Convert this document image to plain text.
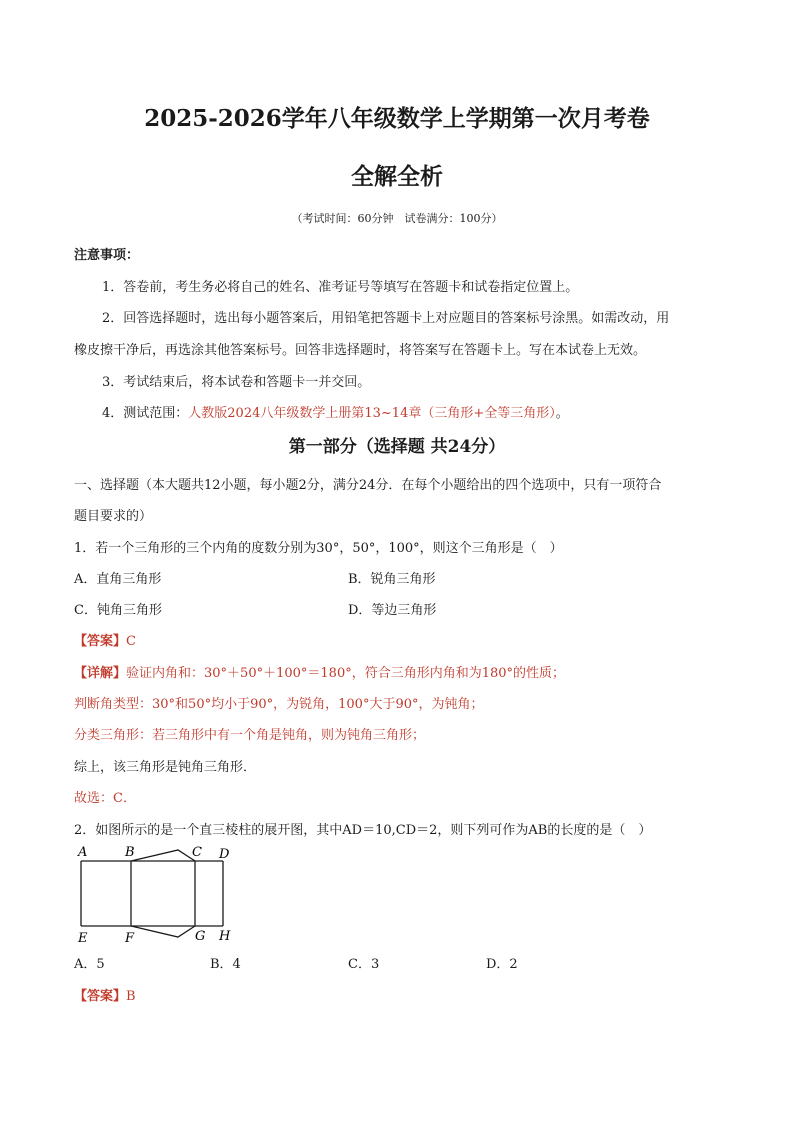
2025-2026学年八年级数学上学期第一次月考卷
全解全析
（考试时间：60分钟　试卷满分：100分）
注意事项：
1．答卷前，考生务必将自己的姓名、准考证号等填写在答题卡和试卷指定位置上。
2．回答选择题时，选出每小题答案后，用铅笔把答题卡上对应题目的答案标号涂黑。如需改动，用
橡皮擦干净后，再选涂其他答案标号。回答非选择题时，将答案写在答题卡上。写在本试卷上无效。
3．考试结束后，将本试卷和答题卡一并交回。
4．测试范围：人教版2024八年级数学上册第13~14章（三角形+全等三角形）。
第一部分（选择题 共24分）
一、选择题（本大题共12小题，每小题2分，满分24分．在每个小题给出的四个选项中，只有一项符合
题目要求的）
1．若一个三角形的三个内角的度数分别为30°，50°，100°，则这个三角形是（　）
A．直角三角形	B．锐角三角形
C．钝角三角形	D．等边三角形
【答案】C
【详解】验证内角和：30°＋50°＋100°＝180°，符合三角形内角和为180°的性质；
判断角类型：30°和50°均小于90°，为锐角，100°大于90°，为钝角；
分类三角形：若三角形中有一个角是钝角，则为钝角三角形；
综上，该三角形是钝角三角形．
故选：C．
2．如图所示的是一个直三棱柱的展开图，其中AD＝10,CD＝2，则下列可作为AB的长度的是（　）
A	B	C D
E	F	G H
A．5	B．4	C．3	D．2
【答案】B
